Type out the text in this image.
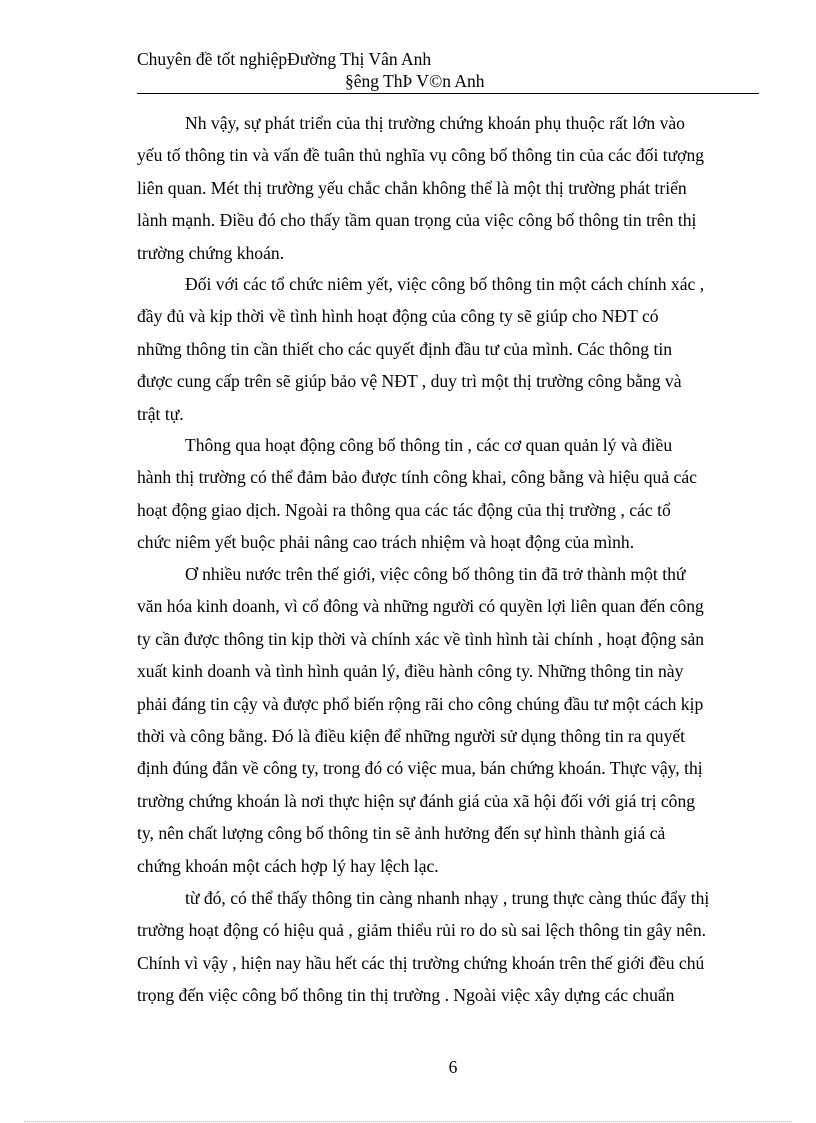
Chuyên đề tốt nghiệpĐường Thị Vân Anh
§êng ThÞ V©n Anh
Nh vậy, sự phát triển của thị trường chứng khoán phụ thuộc rất lớn vào
yếu tố thông tin và vấn đề tuân thủ nghĩa vụ công bố thông tin của các đối tượng
liên quan. Mét thị trường yếu chắc chắn không thể là một thị trường phát triển
lành mạnh. Điều đó cho thấy tầm quan trọng của việc công bố thông tin trên thị
trường chứng khoán.
Đối với các tổ chức niêm yết, việc công bố thông tin một cách chính xác ,
đầy đủ và kịp thời về tình hình hoạt động của công ty sẽ giúp cho NĐT có
những thông tin cần thiết cho các quyết định đầu tư của mình. Các thông tin
được cung cấp trên sẽ giúp bảo vệ NĐT , duy trì một thị trường công bằng và
trật tự.
Thông qua hoạt động công bố thông tin , các cơ quan quản lý và điều
hành thị trường có thể đảm bảo được tính công khai, công bằng và hiệu quả các
hoạt động giao dịch. Ngoài ra thông qua các tác động của thị trường , các tổ
chức niêm yết buộc phải nâng cao trách nhiệm và hoạt động của mình.
Ơ nhiều nước trên thế giới, việc công bố thông tin đã trở thành một thứ
văn hóa kinh doanh, vì cổ đông và những người có quyền lợi liên quan đến công
ty cần được thông tin kịp thời và chính xác về tình hình tài chính , hoạt động sản
xuất kinh doanh và tình hình quản lý, điều hành công ty. Những thông tin này
phải đáng tin cậy và được phổ biến rộng rãi cho công chúng đầu tư một cách kịp
thời và công bằng. Đó là điều kiện để những người sử dụng thông tin ra quyết
định đúng đắn về công ty, trong đó có việc mua, bán chứng khoán. Thực vậy, thị
trường chứng khoán là nơi thực hiện sự đánh giá của xã hội đối với giá trị công
ty, nên chất lượng công bố thông tin sẽ ảnh hưởng đến sự hình thành giá cả
chứng khoán một cách hợp lý hay lệch lạc.
từ đó, có thể thấy thông tin càng nhanh nhạy , trung thực càng thúc đẩy thị
trường hoạt động có hiệu quả , giảm thiểu rủi ro do sù sai lệch thông tin gây nên.
Chính vì vậy , hiện nay hầu hết các thị trường chứng khoán trên thế giới đều chú
trọng đến việc công bố thông tin thị trường . Ngoài việc xây dựng các chuẩn
6
